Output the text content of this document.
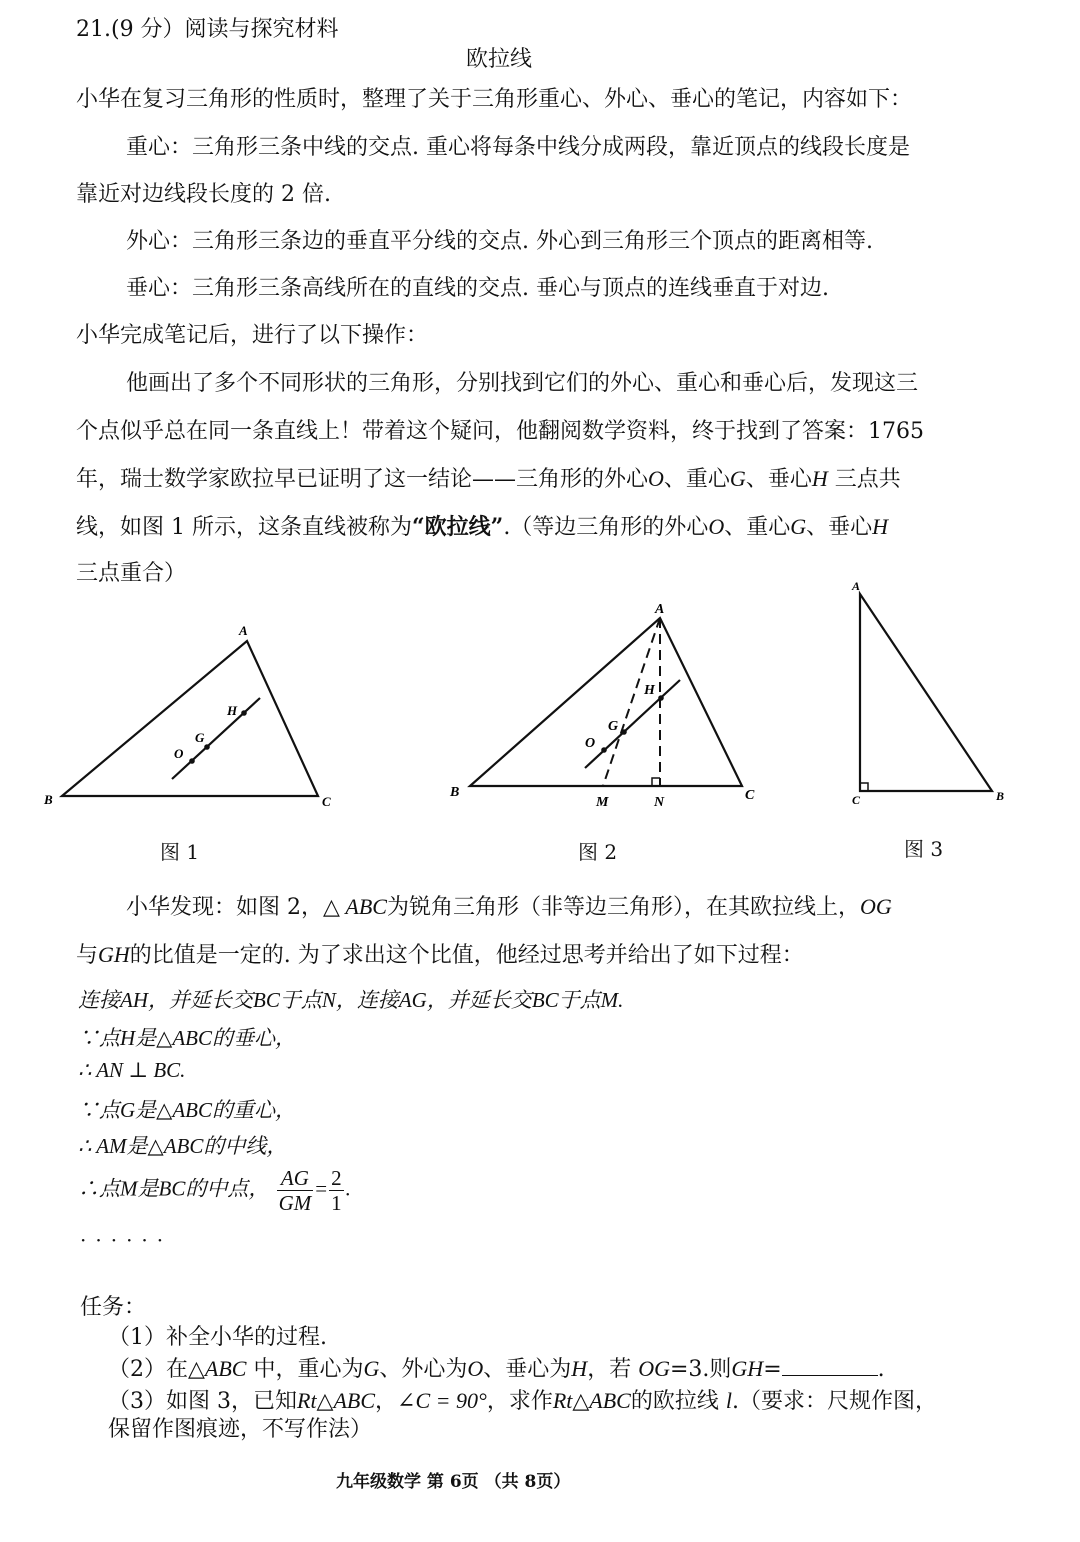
21.(9 分）阅读与探究材料
欧拉线
小华在复习三角形的性质时，整理了关于三角形重心、外心、垂心的笔记，内容如下：
重心：三角形三条中线的交点. 重心将每条中线分成两段，靠近顶点的线段长度是
靠近对边线段长度的 2 倍.
外心：三角形三条边的垂直平分线的交点. 外心到三角形三个顶点的距离相等.
垂心：三角形三条高线所在的直线的交点. 垂心与顶点的连线垂直于对边.
小华完成笔记后，进行了以下操作：
他画出了多个不同形状的三角形，分别找到它们的外心、重心和垂心后，发现这三
个点似乎总在同一条直线上！带着这个疑问，他翻阅数学资料，终于找到了答案：1765
年，瑞士数学家欧拉早已证明了这一结论——三角形的外心O、重心G、垂心H 三点共
线，如图 1 所示，这条直线被称为“欧拉线”.（等边三角形的外心O、重心G、垂心H
三点重合）
A
B	C
H
G
O
A
B	C
H
G
O
M	N
A
C	B
图 1	图 2	图 3
小华发现：如图 2，△ ABC为锐角三角形（非等边三角形），在其欧拉线上，OG
与GH的比值是一定的. 为了求出这个比值，他经过思考并给出了如下过程：
连接AH，并延长交BC于点N，连接AG，并延长交BC于点M.
∵点H是△ABC的垂心，
∴ AN ⊥ BC.
∵点G是△ABC的重心，
∴ AM是△ABC的中线，
∴点M是BC的中点， $\frac{AG}{GM} = \frac{2}{1}$ .
······
任务：
（1）补全小华的过程.
（2）在△ABC 中，重心为G、外心为O、垂心为H，若 OG=3.则GH=	.
（3）如图 3，已知Rt△ABC，∠C = 90°，求作Rt△ABC的欧拉线 l.（要求：尺规作图，
保留作图痕迹，不写作法）
九年级数学 第 6页 （共 8页）
